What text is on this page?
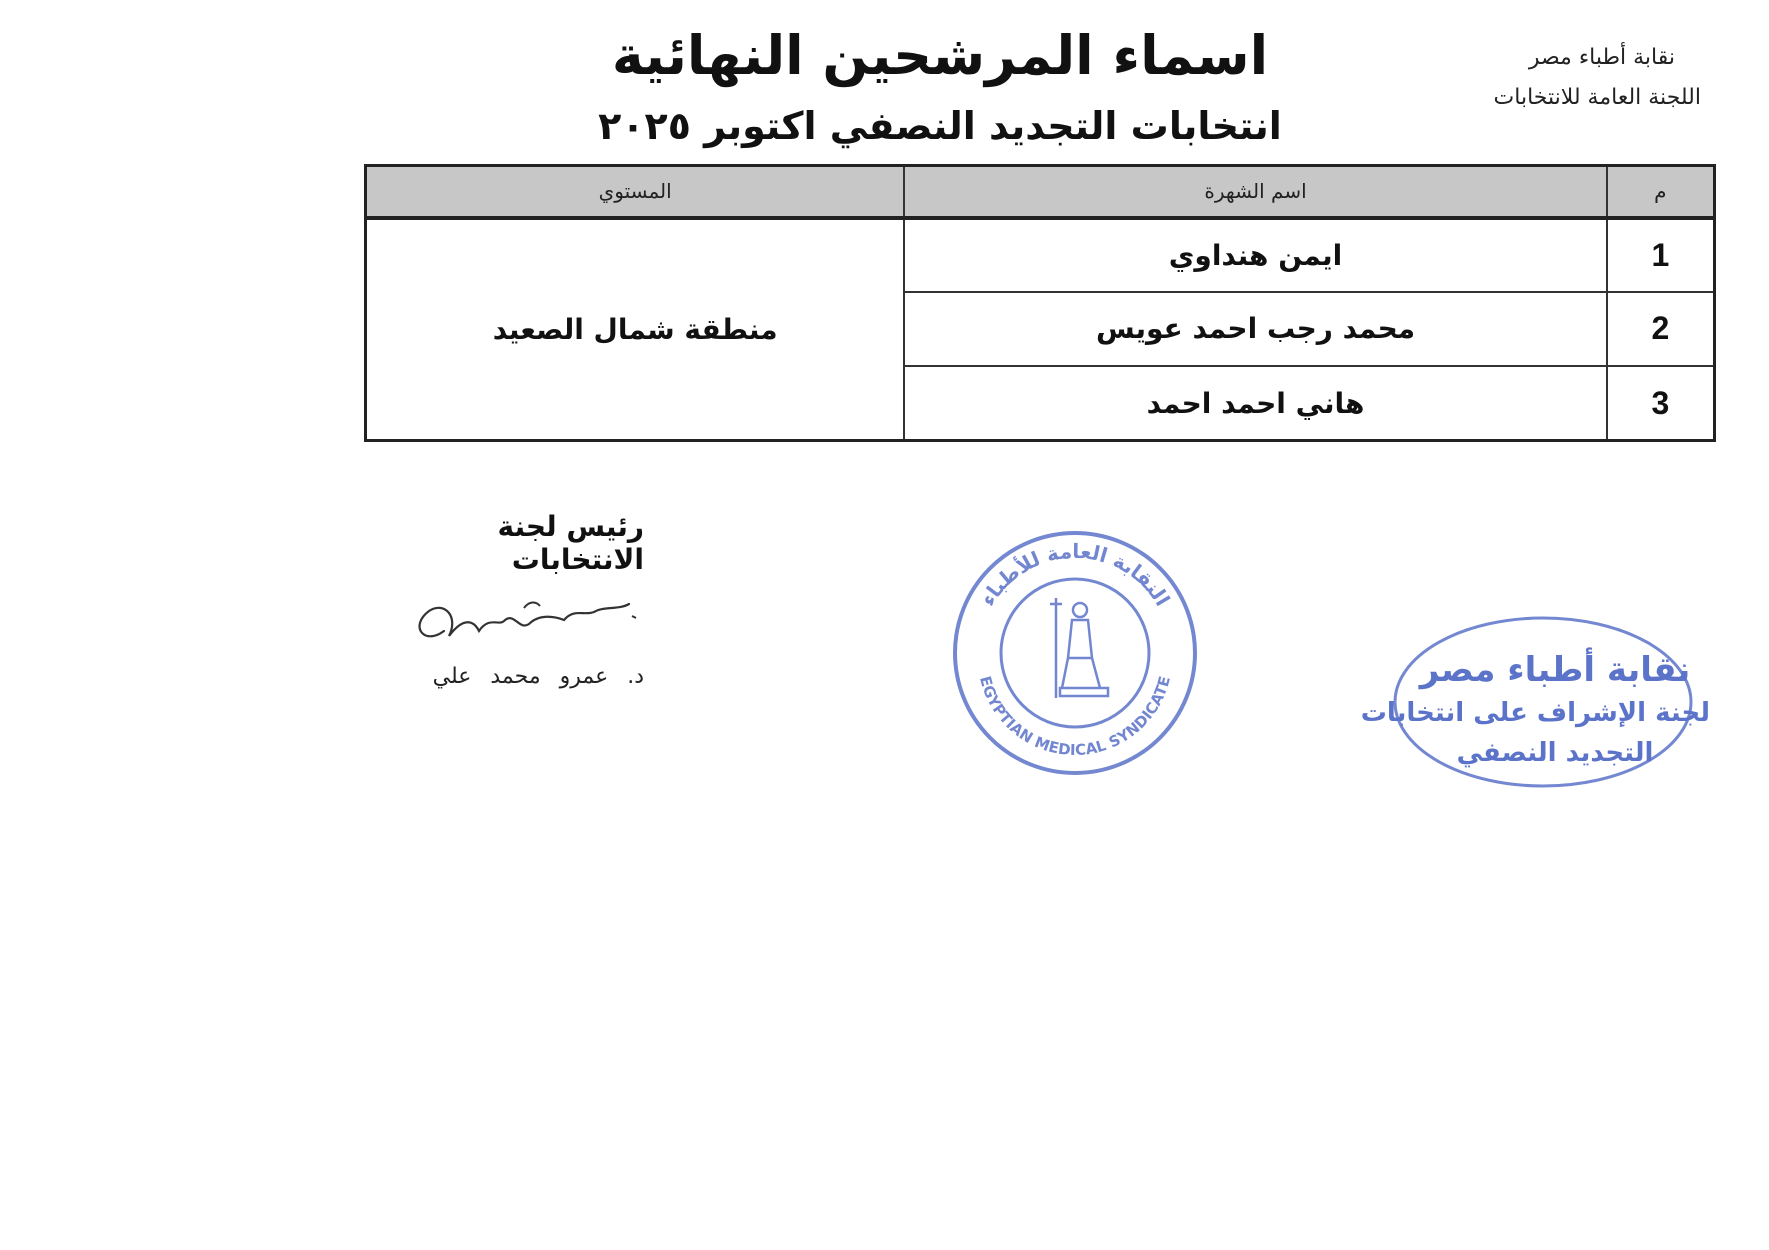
نقابة أطباء مصر
اللجنة العامة للانتخابات
اسماء المرشحين النهائية
انتخابات التجديد النصفي اكتوبر ٢٠٢٥
م	اسم الشهرة	المستوي
1	ايمن هنداوي	منطقة شمال الصعيد
2	محمد رجب احمد عويس	
3	هاني احمد احمد	
رئيس لجنة الانتخابات
د. عمرو محمد علي
النقابة العامة للأطباء
EGYPTIAN MEDICAL SYNDICATE	نقابة أطباء مصر
لجنة الإشراف على انتخابات
التجديد النصفي
